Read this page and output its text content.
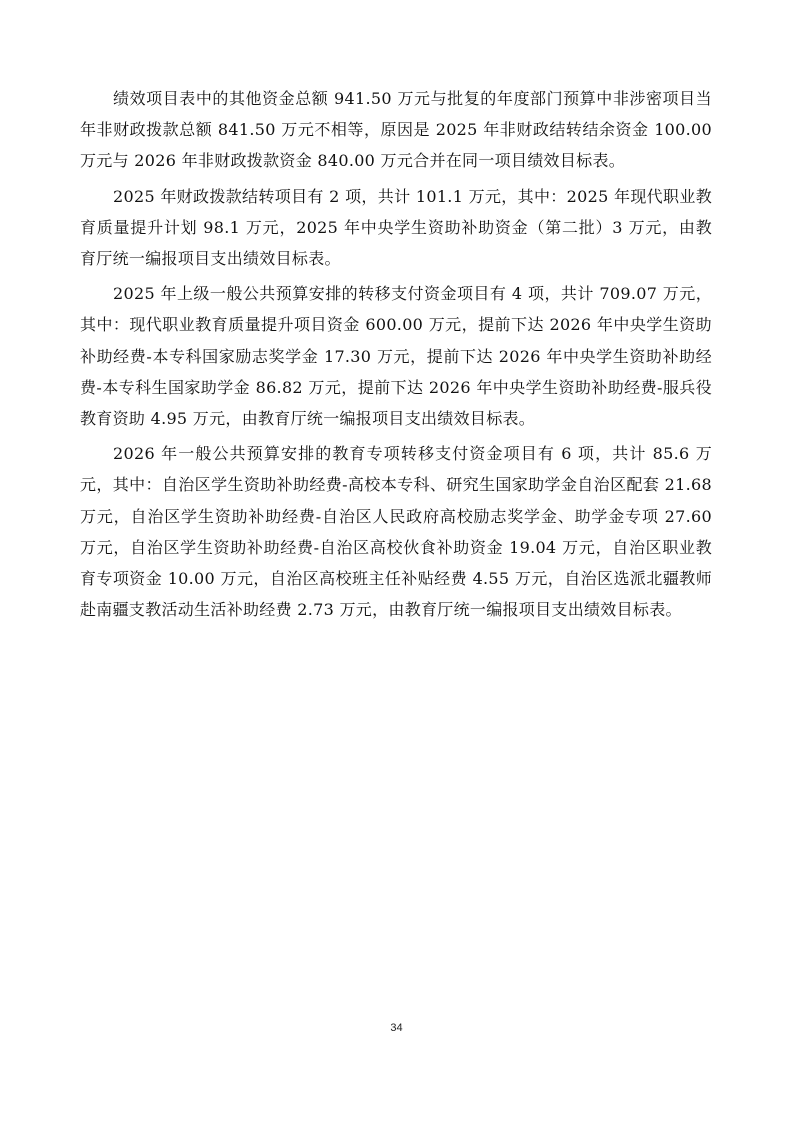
绩效项目表中的其他资金总额 941.50 万元与批复的年度部门预算中非涉密项目当年非财政拨款总额 841.50 万元不相等，原因是 2025 年非财政结转结余资金 100.00 万元与 2026 年非财政拨款资金 840.00 万元合并在同一项目绩效目标表。

2025 年财政拨款结转项目有 2 项，共计 101.1 万元，其中：2025 年现代职业教育质量提升计划 98.1 万元，2025 年中央学生资助补助资金（第二批）3 万元，由教育厅统一编报项目支出绩效目标表。

2025 年上级一般公共预算安排的转移支付资金项目有 4 项，共计 709.07 万元，其中：现代职业教育质量提升项目资金 600.00 万元，提前下达 2026 年中央学生资助补助经费-本专科国家励志奖学金 17.30 万元，提前下达 2026 年中央学生资助补助经费-本专科生国家助学金 86.82 万元，提前下达 2026 年中央学生资助补助经费-服兵役教育资助 4.95 万元，由教育厅统一编报项目支出绩效目标表。

2026 年一般公共预算安排的教育专项转移支付资金项目有 6 项，共计 85.6 万元，其中：自治区学生资助补助经费-高校本专科、研究生国家助学金自治区配套 21.68 万元，自治区学生资助补助经费-自治区人民政府高校励志奖学金、助学金专项 27.60 万元，自治区学生资助补助经费-自治区高校伙食补助资金 19.04 万元，自治区职业教育专项资金 10.00 万元，自治区高校班主任补贴经费 4.55 万元，自治区选派北疆教师赴南疆支教活动生活补助经费 2.73 万元，由教育厅统一编报项目支出绩效目标表。

34
